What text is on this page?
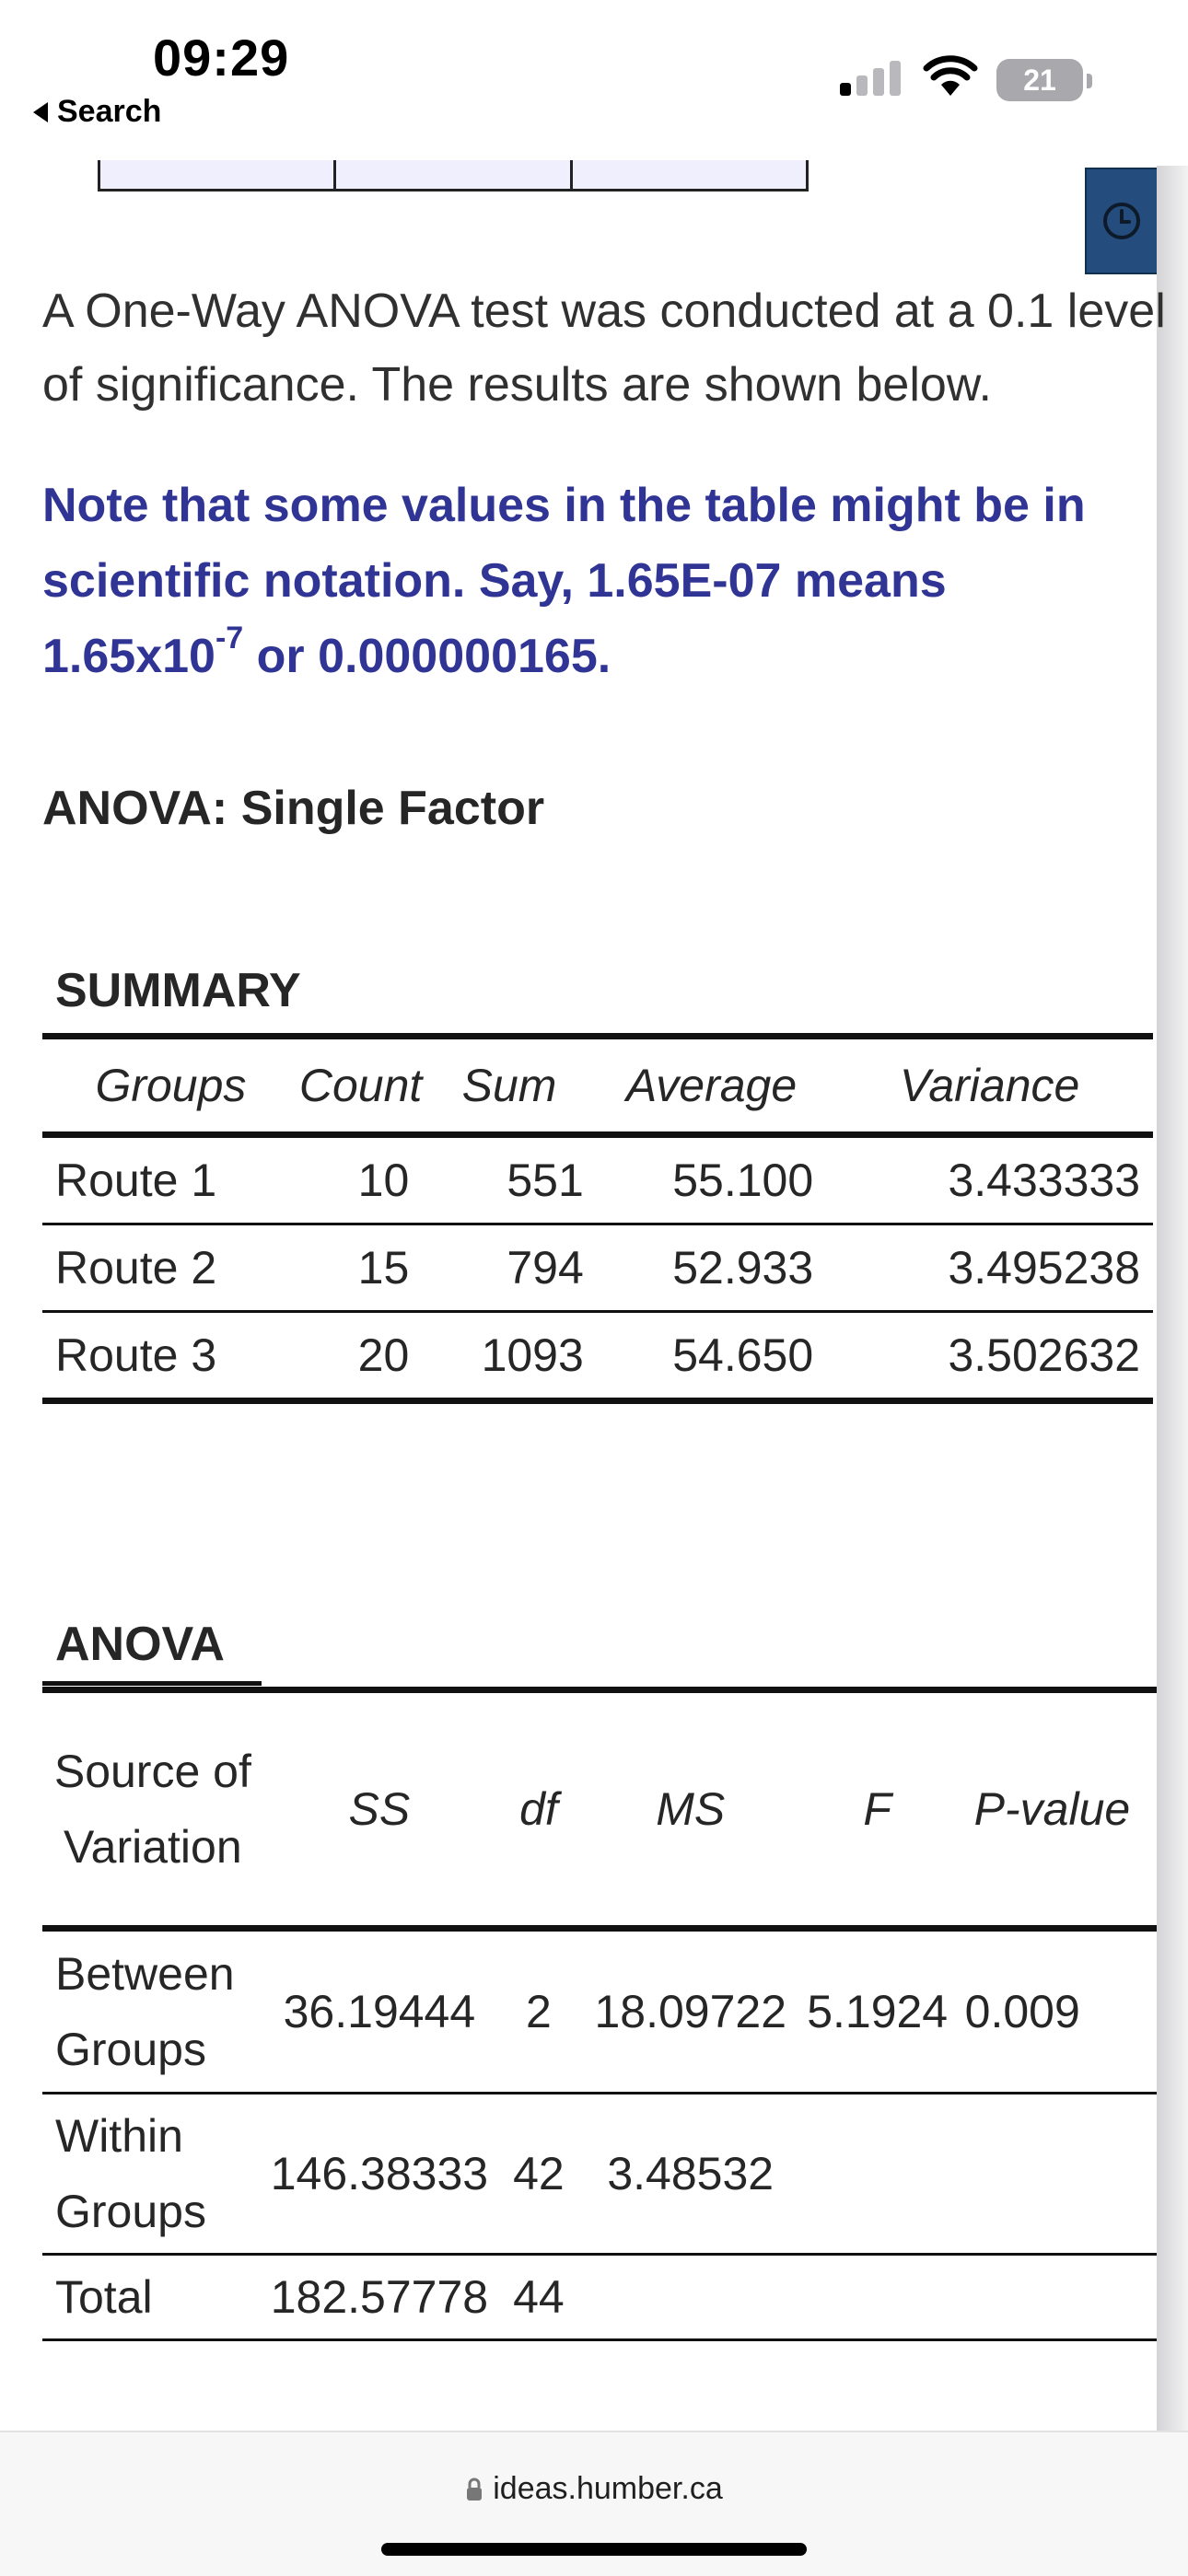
09:29
Search
21

A One-Way ANOVA test was conducted at a 0.1 level of significance. The results are shown below.

Note that some values in the table might be in scientific notation. Say, 1.65E-07 means $1.65x10^{-7}$ or 0.000000165.

ANOVA: Single Factor
SUMMARY
Groups	Count	Sum	Average	Variance
Route 1	10	551	55.100	3.433333
Route 2	15	794	52.933	3.495238
Route 3	20	1093	54.650	3.502632
ANOVA
Source of Variation	SS	df	MS	F	P-value
Between Groups	36.19444	2	18.09722	5.1924	0.009
Within Groups	146.38333	42	3.48532		
Total	182.57778	44			
ideas.humber.ca
